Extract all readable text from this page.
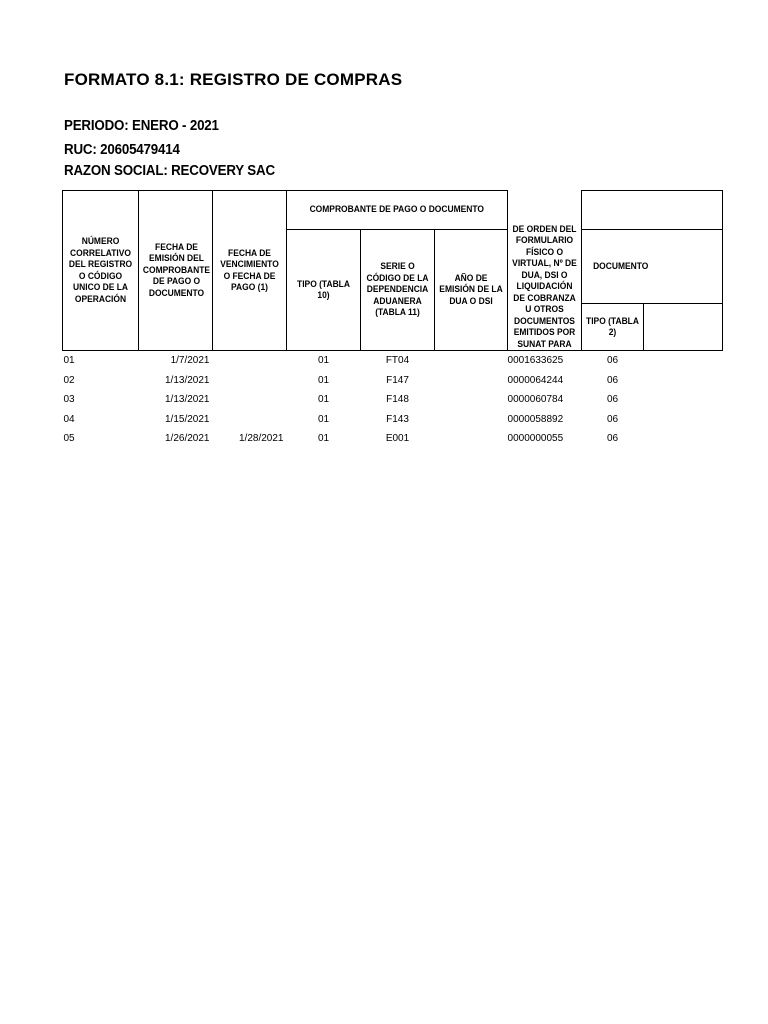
FORMATO 8.1: REGISTRO DE COMPRAS
PERIODO: ENERO - 2021
RUC: 20605479414
RAZON SOCIAL: RECOVERY SAC
NÚMERO CORRELATIVO DEL REGISTRO O CÓDIGO UNICO DE LA OPERACIÓN	FECHA DE EMISIÓN DEL COMPROBANTE DE PAGO O DOCUMENTO	FECHA DE VENCIMIENTO O FECHA DE PAGO (1)	COMPROBANTE DE PAGO O DOCUMENTO			DE ORDEN DEL FORMULARIO FÍSICO O VIRTUAL, Nº DE DUA, DSI O LIQUIDACIÓN DE COBRANZA U OTROS DOCUMENTOS EMITIDOS POR SUNAT PARA		

			TIPO (TABLA 10)	SERIE O CÓDIGO DE LA DEPENDENCIA ADUANERA (TABLA 11)	AÑO DE EMISIÓN DE LA DUA O DSI		DOCUMENTO	
							TIPO (TABLA 2)	
01	1/7/2021		01	FT04		0001633625	06	
02	1/13/2021		01	F147		0000064244	06	
03	1/13/2021		01	F148		0000060784	06	
04	1/15/2021		01	F143		0000058892	06	
05	1/26/2021	1/28/2021	01	E001		0000000055	06	
